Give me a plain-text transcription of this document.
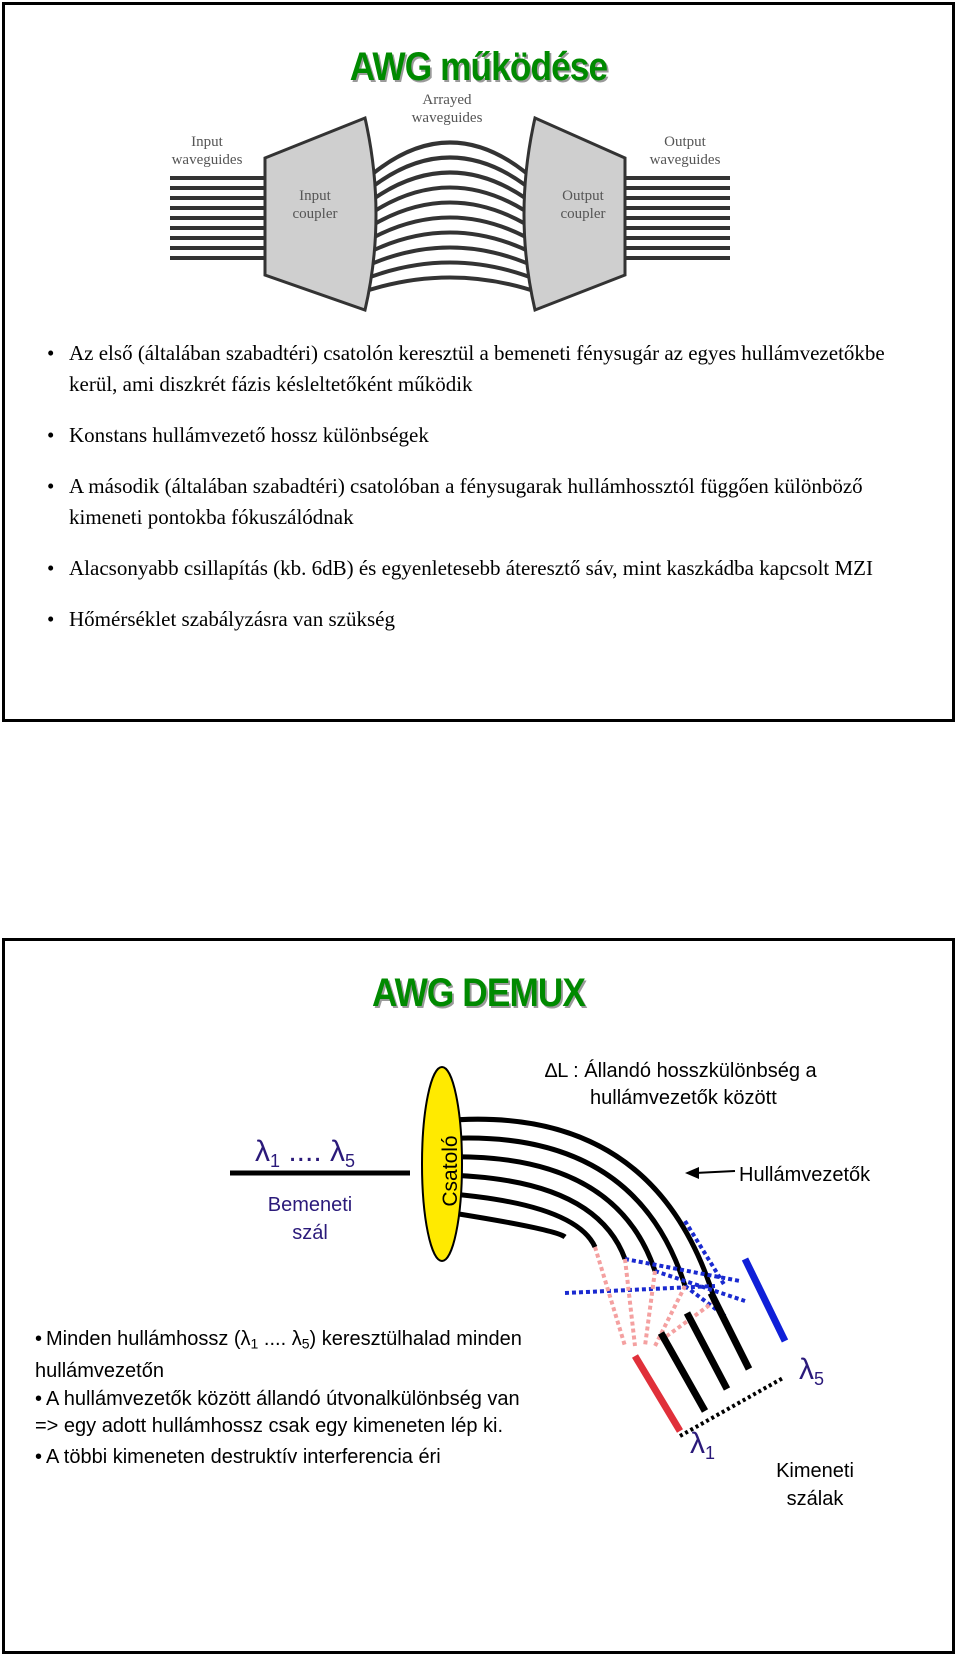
AWG működése
Arrayed
waveguides
Input
waveguides
Output
waveguides
Input
coupler
Output
coupler
• Az első (általában szabadtéri) csatolón keresztül a bemeneti fénysugár az egyes hullámvezetőkbe kerül, ami diszkrét fázis késleltetőként működik
• Konstans hullámvezető hossz különbségek
• A második (általában szabadtéri) csatolóban a fénysugarak hullámhossztól függően különböző kimeneti pontokba fókuszálódnak
• Alacsonyabb csillapítás (kb. 6dB) és egyenletesebb áteresztő sáv, mint kaszkádba kapcsolt MZI
• Hőmérséklet szabályzásra van szükség
AWG DEMUX
Csatoló
∆L : Állandó hosszkülönbség a
hullámvezetők között
$\lambda_1$ .... $\lambda_5$
Bemeneti
szál
Hullámvezetők
$\lambda_5$
$\lambda_1$
Kimeneti
szálak
• Minden hullámhossz ($\lambda_1$ .... $\lambda_5$) keresztülhalad minden
hullámvezetőn
• A hullámvezetők között állandó útvonalkülönbség van
=> egy adott hullámhossz csak egy kimeneten lép ki.
• A többi kimeneten destruktív interferencia éri
